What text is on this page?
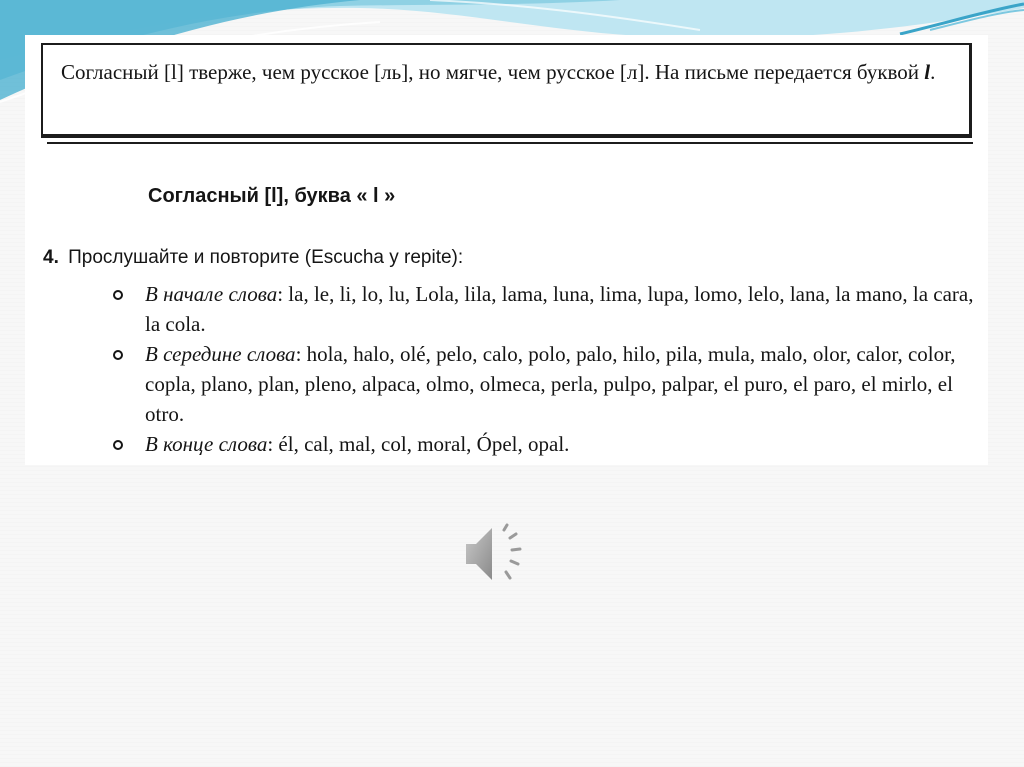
Согласный [l] тверже, чем русское [ль], но мягче, чем русское [л]. На письме передается буквой l.
Согласный [l], буква « l »
4. Прослушайте и повторите (Escucha y repite):
В начале слова: la, le, li, lo, lu, Lola, lila, lama, luna, lima, lupa, lomo, lelo, lana, la mano, la cara, la cola.
В середине слова: hola, halo, olé, pelo, calo, polo, palo, hilo, pila, mula, malo, olor, calor, color, copla, plano, plan, pleno, alpaca, olmo, olmeca, perla, pulpo, palpar, el puro, el paro, el mirlo, el otro.
В конце слова: él, cal, mal, col, moral, Ópel, opal.
